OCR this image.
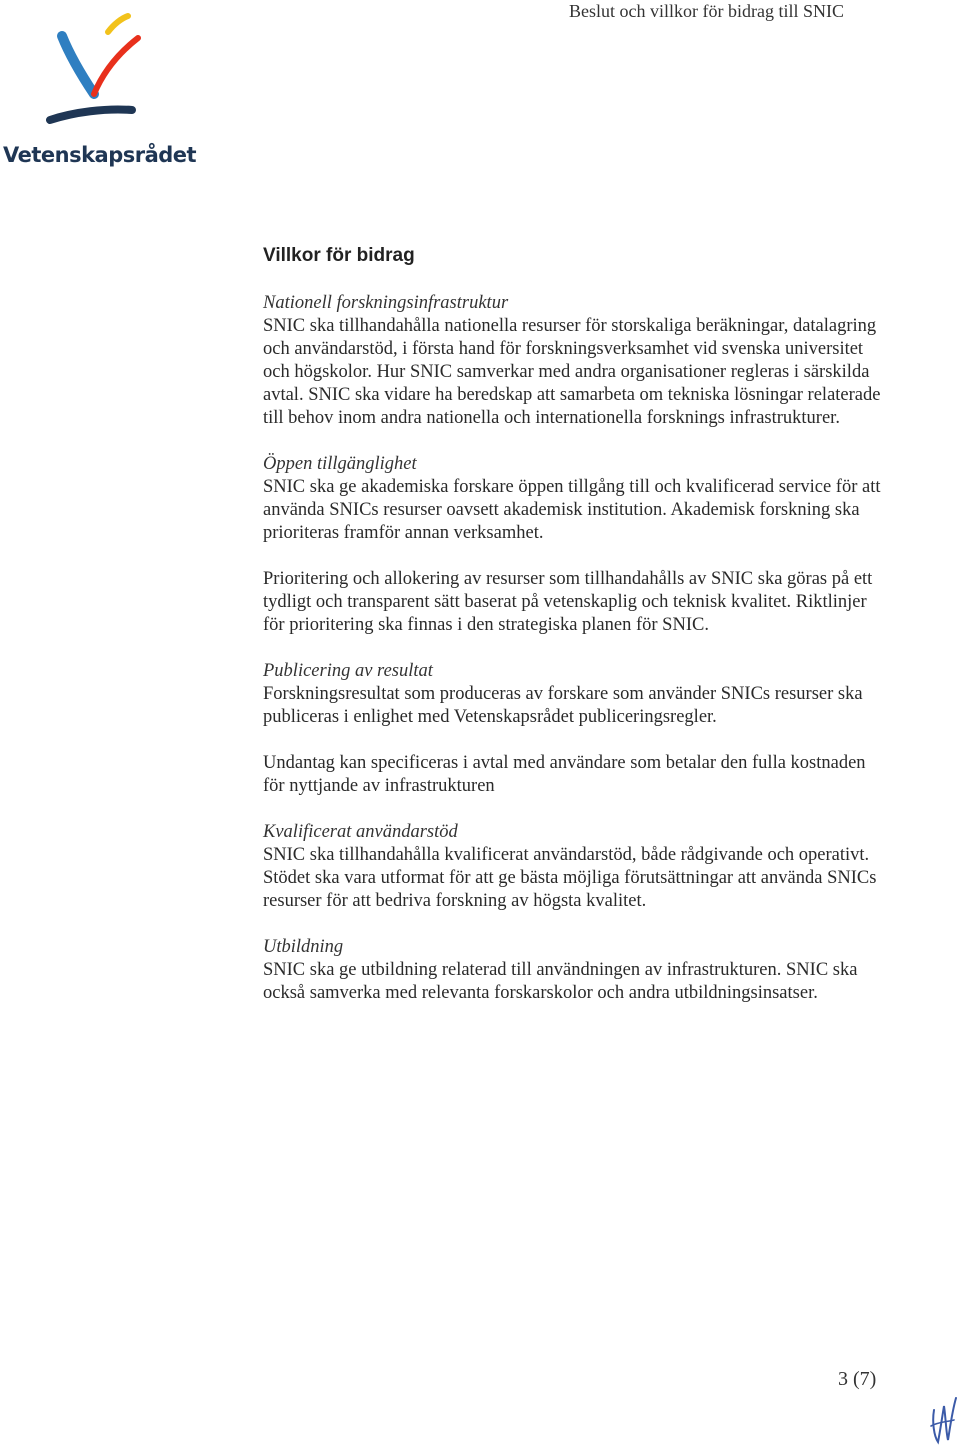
Beslut och villkor för bidrag till SNIC
Vetenskapsrådet
Villkor för bidrag
Nationell forskningsinfrastruktur

SNIC ska tillhandahålla nationella resurser för storskaliga beräkningar, datalagring och användarstöd, i första hand för forskningsverksamhet vid svenska universitet och högskolor. Hur SNIC samverkar med andra organisationer regleras i särskilda avtal. SNIC ska vidare ha beredskap att samarbeta om tekniska lösningar relaterade till behov inom andra nationella och internationella forsknings infrastrukturer.

Öppen tillgänglighet

SNIC ska ge akademiska forskare öppen tillgång till och kvalificerad service för att använda SNICs resurser oavsett akademisk institution. Akademisk forskning ska prioriteras framför annan verksamhet.

Prioritering och allokering av resurser som tillhandahålls av SNIC ska göras på ett tydligt och transparent sätt baserat på vetenskaplig och teknisk kvalitet. Riktlinjer för prioritering ska finnas i den strategiska planen för SNIC.

Publicering av resultat

Forskningsresultat som produceras av forskare som använder SNICs resurser ska publiceras i enlighet med Vetenskapsrådet publiceringsregler.

Undantag kan specificeras i avtal med användare som betalar den fulla kostnaden för nyttjande av infrastrukturen

Kvalificerat användarstöd

SNIC ska tillhandahålla kvalificerat användarstöd, både rådgivande och operativt. Stödet ska vara utformat för att ge bästa möjliga förutsättningar att använda SNICs resurser för att bedriva forskning av högsta kvalitet.

Utbildning

SNIC ska ge utbildning relaterad till användningen av infrastrukturen. SNIC ska också samverka med relevanta forskarskolor och andra utbildningsinsatser.

3 (7)
